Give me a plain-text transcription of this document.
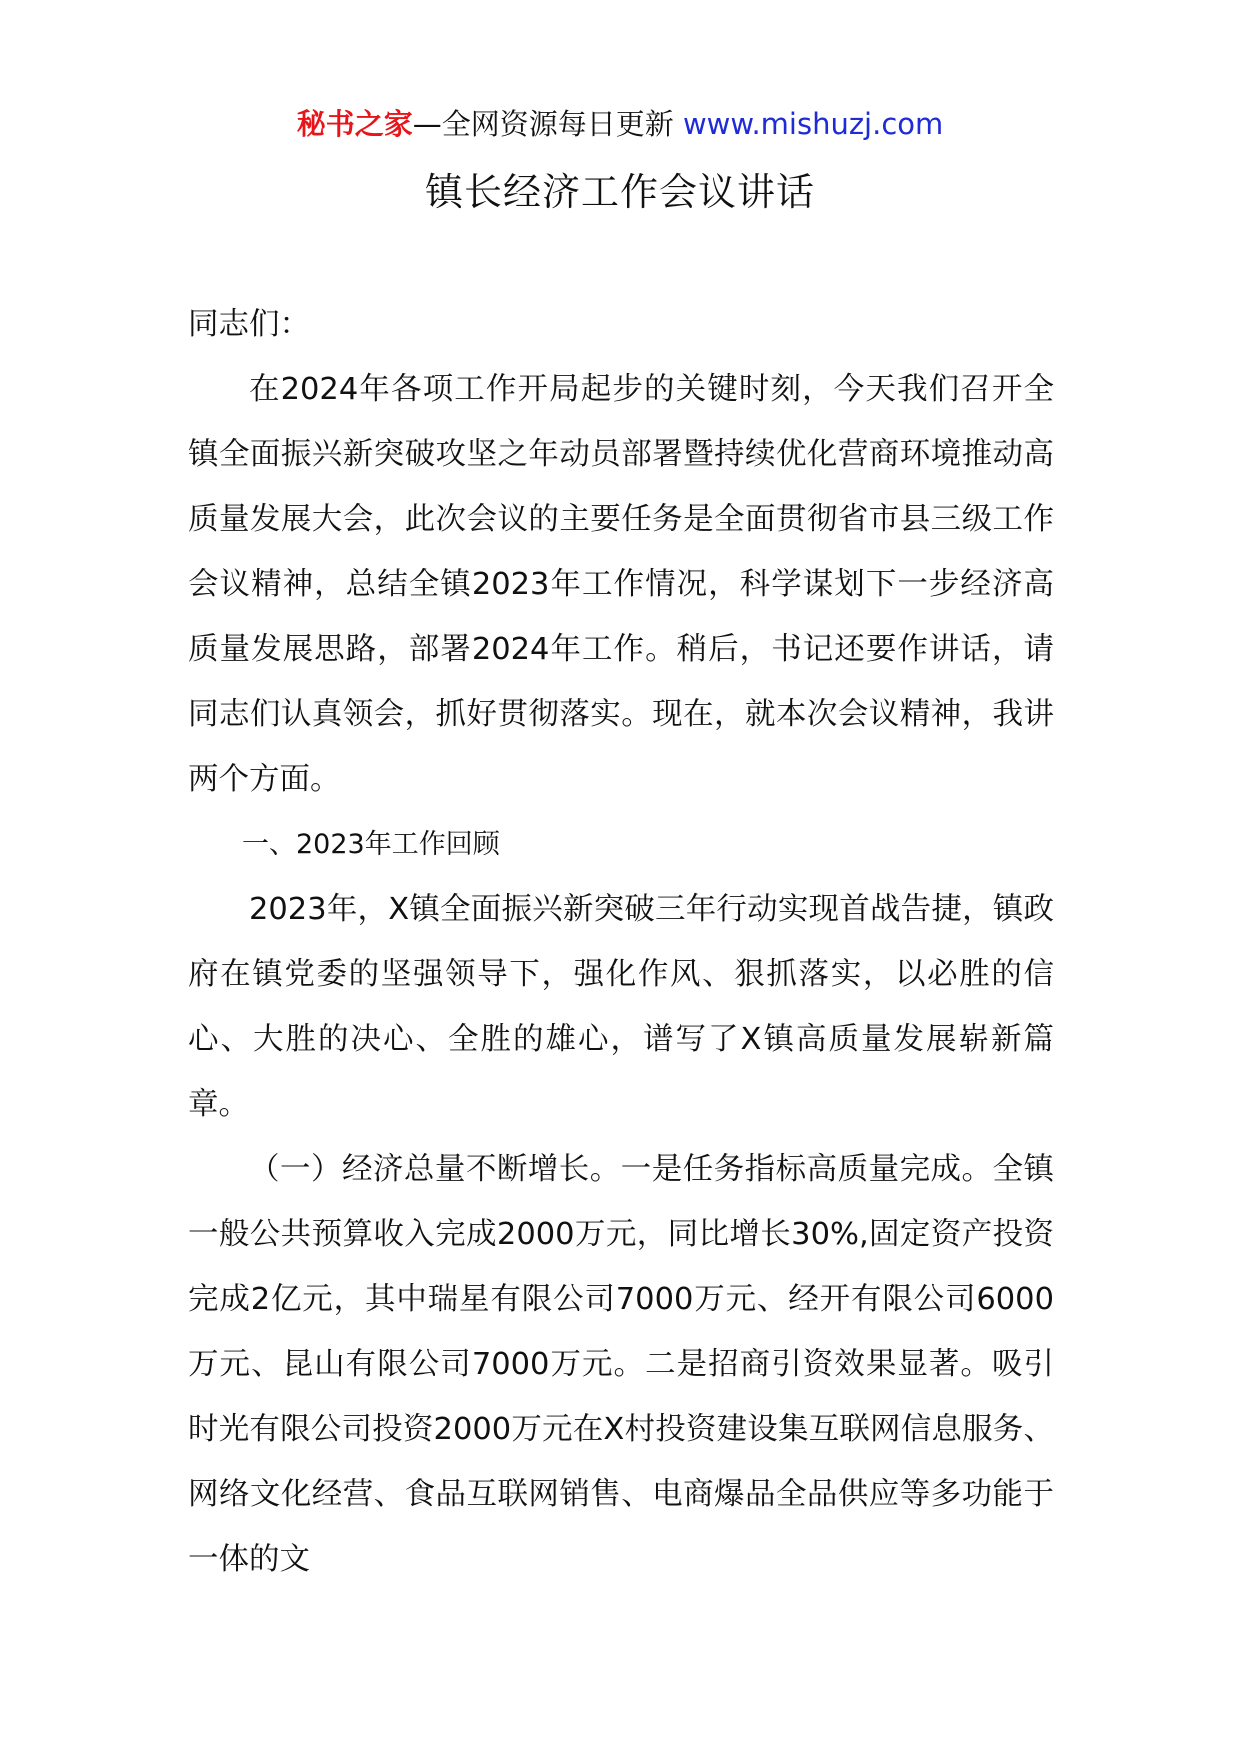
秘书之家—全网资源每日更新 www.mishuzj.com
镇长经济工作会议讲话

同志们：

在2024年各项工作开局起步的关键时刻，今天我们召开全镇全面振兴新突破攻坚之年动员部署暨持续优化营商环境推动高质量发展大会，此次会议的主要任务是全面贯彻省市县三级工作会议精神，总结全镇2023年工作情况，科学谋划下一步经济高质量发展思路，部署2024年工作。稍后，书记还要作讲话，请同志们认真领会，抓好贯彻落实。现在，就本次会议精神，我讲两个方面。

一、2023年工作回顾

2023年，X镇全面振兴新突破三年行动实现首战告捷，镇政府在镇党委的坚强领导下，强化作风、狠抓落实，以必胜的信心、大胜的决心、全胜的雄心，谱写了X镇高质量发展崭新篇章。

（一）经济总量不断增长。一是任务指标高质量完成。全镇一般公共预算收入完成2000万元，同比增长30%,固定资产投资完成2亿元，其中瑞星有限公司7000万元、经开有限公司6000万元、昆山有限公司7000万元。二是招商引资效果显著。吸引时光有限公司投资2000万元在X村投资建设集互联网信息服务、网络文化经营、食品互联网销售、电商爆品全品供应等多功能于一体的文
